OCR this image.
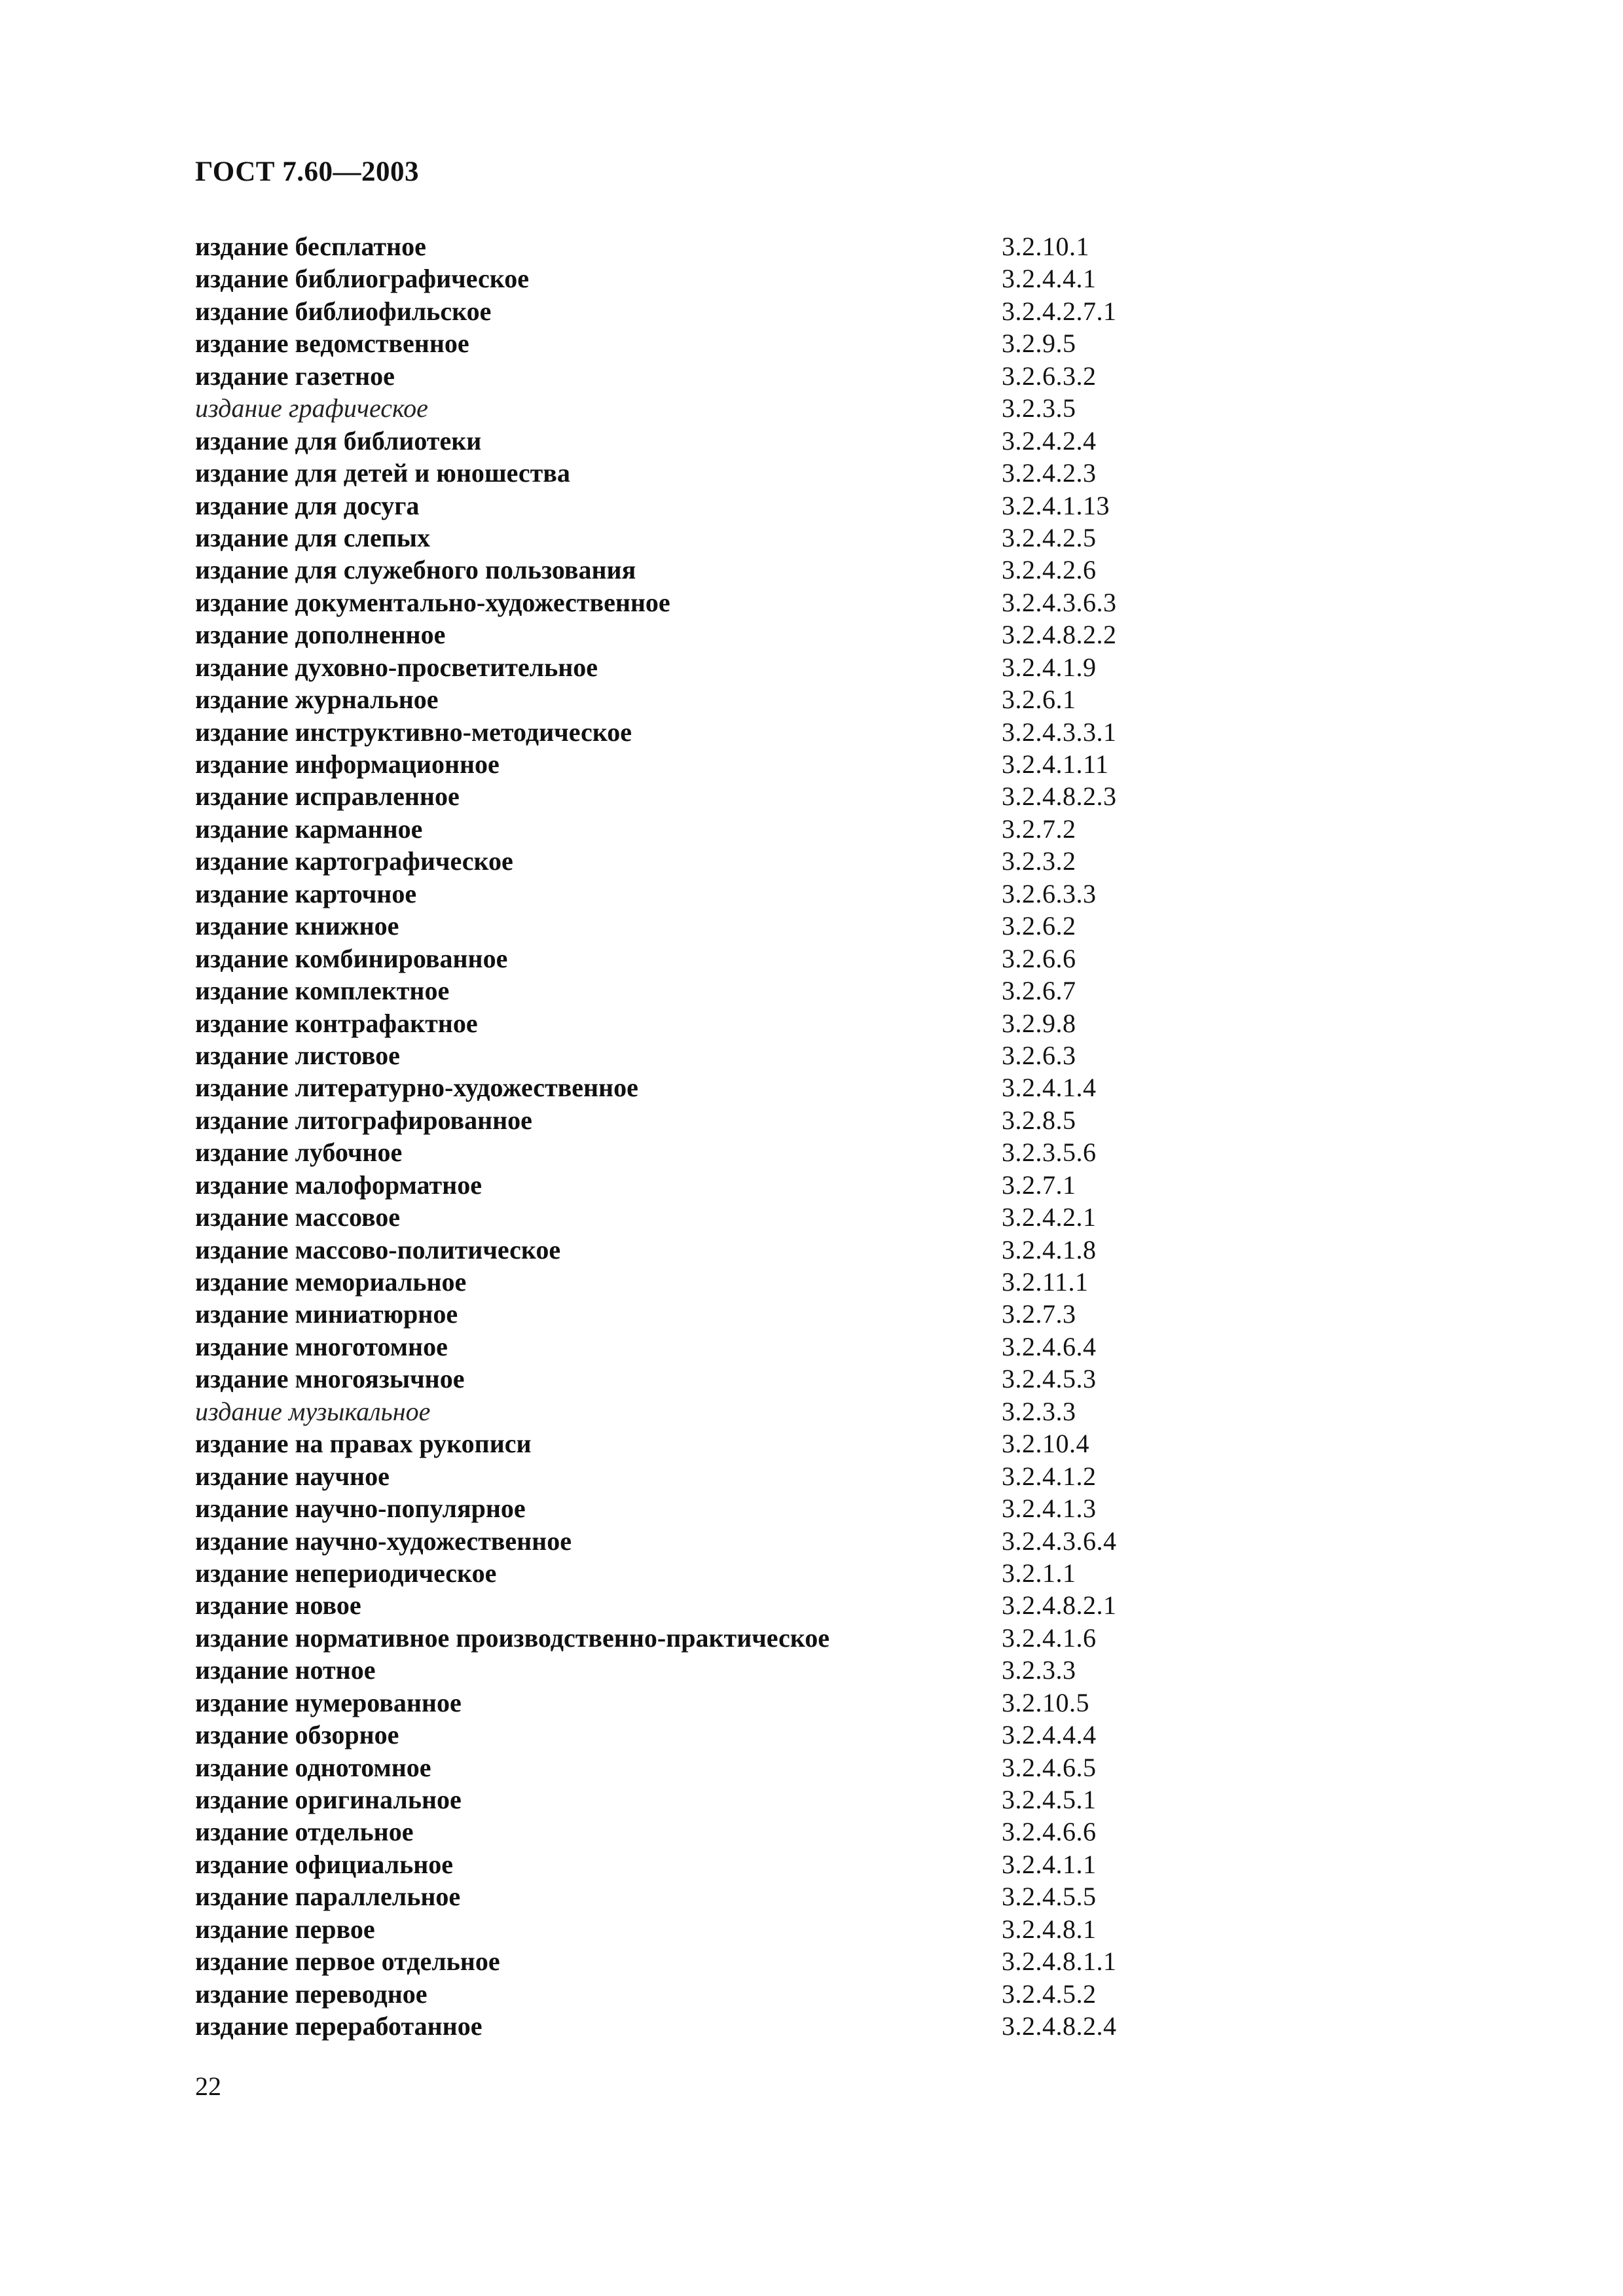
ГОСТ 7.60—2003
издание бесплатное	3.2.10.1
издание библиографическое	3.2.4.4.1
издание библиофильское	3.2.4.2.7.1
издание ведомственное	3.2.9.5
издание газетное	3.2.6.3.2
издание графическое	3.2.3.5
издание для библиотеки	3.2.4.2.4
издание для детей и юношества	3.2.4.2.3
издание для досуга	3.2.4.1.13
издание для слепых	3.2.4.2.5
издание для служебного пользования	3.2.4.2.6
издание документально-художественное	3.2.4.3.6.3
издание дополненное	3.2.4.8.2.2
издание духовно-просветительное	3.2.4.1.9
издание журнальное	3.2.6.1
издание инструктивно-методическое	3.2.4.3.3.1
издание информационное	3.2.4.1.11
издание исправленное	3.2.4.8.2.3
издание карманное	3.2.7.2
издание картографическое	3.2.3.2
издание карточное	3.2.6.3.3
издание книжное	3.2.6.2
издание комбинированное	3.2.6.6
издание комплектное	3.2.6.7
издание контрафактное	3.2.9.8
издание листовое	3.2.6.3
издание литературно-художественное	3.2.4.1.4
издание литографированное	3.2.8.5
издание лубочное	3.2.3.5.6
издание малоформатное	3.2.7.1
издание массовое	3.2.4.2.1
издание массово-политическое	3.2.4.1.8
издание мемориальное	3.2.11.1
издание миниатюрное	3.2.7.3
издание многотомное	3.2.4.6.4
издание многоязычное	3.2.4.5.3
издание музыкальное	3.2.3.3
издание на правах рукописи	3.2.10.4
издание научное	3.2.4.1.2
издание научно-популярное	3.2.4.1.3
издание научно-художественное	3.2.4.3.6.4
издание непериодическое	3.2.1.1
издание новое	3.2.4.8.2.1
издание нормативное производственно-практическое	3.2.4.1.6
издание нотное	3.2.3.3
издание нумерованное	3.2.10.5
издание обзорное	3.2.4.4.4
издание однотомное	3.2.4.6.5
издание оригинальное	3.2.4.5.1
издание отдельное	3.2.4.6.6
издание официальное	3.2.4.1.1
издание параллельное	3.2.4.5.5
издание первое	3.2.4.8.1
издание первое отдельное	3.2.4.8.1.1
издание переводное	3.2.4.5.2
издание переработанное	3.2.4.8.2.4
22
